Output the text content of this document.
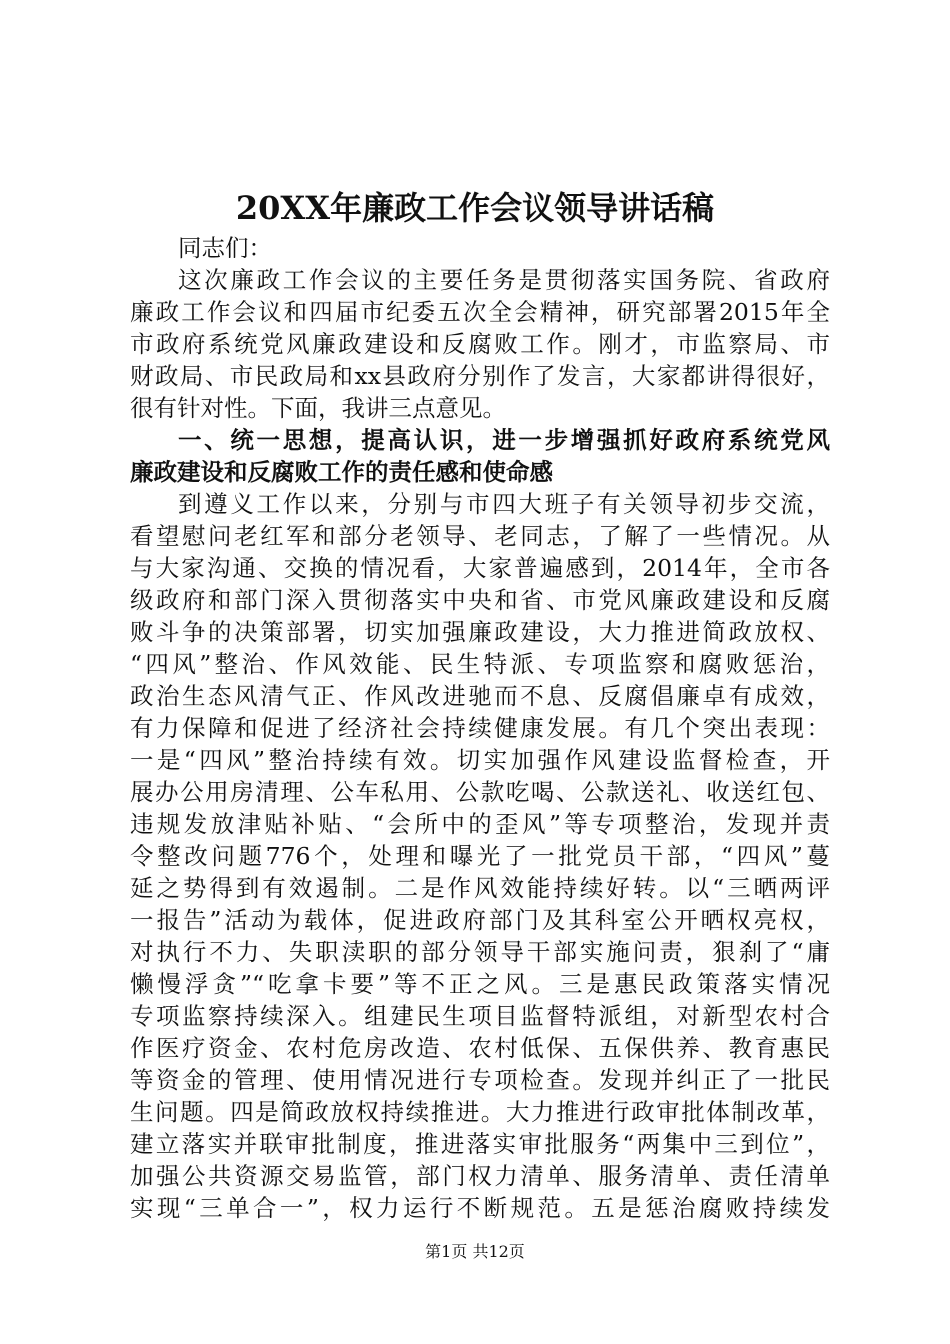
20XX年廉政工作会议领导讲话稿
同志们：
这次廉政工作会议的主要任务是贯彻落实国务院、省政府
廉政工作会议和四届市纪委五次全会精神，研究部署2015年全
市政府系统党风廉政建设和反腐败工作。刚才，市监察局、市
财政局、市民政局和xx县政府分别作了发言，大家都讲得很好，
很有针对性。下面，我讲三点意见。
一、统一思想，提高认识，进一步增强抓好政府系统党风
廉政建设和反腐败工作的责任感和使命感
到遵义工作以来，分别与市四大班子有关领导初步交流，
看望慰问老红军和部分老领导、老同志，了解了一些情况。从
与大家沟通、交换的情况看，大家普遍感到，2014年，全市各
级政府和部门深入贯彻落实中央和省、市党风廉政建设和反腐
败斗争的决策部署，切实加强廉政建设，大力推进简政放权、
“四风”整治、作风效能、民生特派、专项监察和腐败惩治，
政治生态风清气正、作风改进驰而不息、反腐倡廉卓有成效，
有力保障和促进了经济社会持续健康发展。有几个突出表现：
一是“四风”整治持续有效。切实加强作风建设监督检查，开
展办公用房清理、公车私用、公款吃喝、公款送礼、收送红包、
违规发放津贴补贴、“会所中的歪风”等专项整治，发现并责
令整改问题776个，处理和曝光了一批党员干部，“四风”蔓
延之势得到有效遏制。二是作风效能持续好转。以“三晒两评
一报告”活动为载体，促进政府部门及其科室公开晒权亮权，
对执行不力、失职渎职的部分领导干部实施问责，狠刹了“庸
懒慢浮贪”“吃拿卡要”等不正之风。三是惠民政策落实情况
专项监察持续深入。组建民生项目监督特派组，对新型农村合
作医疗资金、农村危房改造、农村低保、五保供养、教育惠民
等资金的管理、使用情况进行专项检查。发现并纠正了一批民
生问题。四是简政放权持续推进。大力推进行政审批体制改革，
建立落实并联审批制度，推进落实审批服务“两集中三到位”，
加强公共资源交易监管，部门权力清单、服务清单、责任清单
实现“三单合一”，权力运行不断规范。五是惩治腐败持续发
第1页 共12页
